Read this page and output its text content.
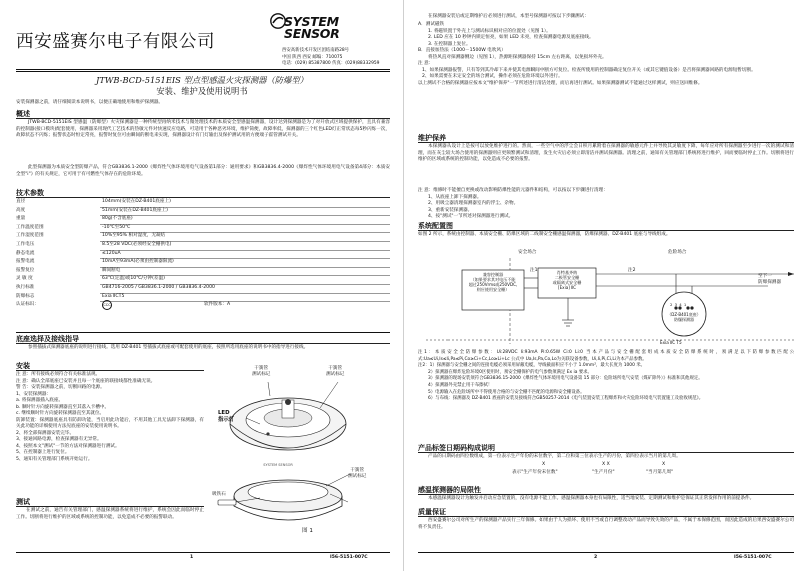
西安盛赛尔电子有限公司
SYSTEM
SENSOR
西安高新技术开发区团结南路28号
中国 陕西 西安 邮编：710075
电话：(029) 85387800 传真：(029)88332959
JTWB-BCD-5151EIS 型点型感温火灾探测器（防爆型）
安装、维护及使用说明书
安装探测器之前，请仔细阅读本说明书，以便正确地使用和维护探测器。
概述
JTWB-BCD-5151EIS 型感温（防爆型）火灾探测器是一种传统型再纳米技术与微处理技术的本质安全型感温探测器，设计达到探测器是为了对开放式区域提供保护，且具有兼容的控制器(接口模块)配套使用，探测器采用现代工艺技术的热敏元件对快速反应电路，可适用于各种恶劣环境，维护简便，故障率低，探测器的三个红色LED灯正常状态每5秒闪烁一次，故障状态不闪烁；报警状态时恒定常亮，报警时复位可由瞬间的断电来实现，探测器设计有门灯输出及保护测试用的方便端子霍管测试开关。
此型探测器为本质安全型防爆产品，符合GB3836.1-2000《爆炸性气体环境用电气设备第1部分：通用要求》和GB3836.4-2000《爆炸性气体环境用电气设备第4部分：本质安全型"i"》的有关规定，它可用于有可燃性气体存在的危险环境。
技术参数
直径	104mm(安装在DZ-B401底座上)
高度	51mm(安装在DZ-B401底座上)
重量	80g(不含底座)
工作温度范围	-10℃至50℃
工作湿度范围	10%至95% 相对湿度，无凝结
工作电压	8.5至28 VDC(必须经安全栅供电)
静态电流	≤120uA
报警电流	10mA至93mA(必须由控制器限流)
报警复位	瞬间断电
灵 敏 度	63℃(定温)或10℃/分钟(差温)
执行标准	GB4716-2005 / GB3836.1-2000 / GB3836.4-2000
防爆标志	Exia ⅡCT5
认证标识：	CCC	软件版本：A
底座选择及接线指导
参照插拔式探测器底座的说明进行接线。选用 DZ-B401 型插拔式底座或可配套使用的底座，按照所选用底座的说明书中的指导进行接线。
安装
注 意：所有接线必须符合有关标准法规。
注 意：确认全部底座已安装并且每一个底座的联接线都性准确无误。
警 告：安装探测器之前，切断回路的电源。
1、安装探测器：
a. 将探测器插入底座。
b. 顺时针方向旋转探测器直至其落入卡槽中。
c. 继续顺时针方向旋转探测器直至其就位。
防卸装置：探测器底座具有防卸功能，当启用此功能后，不用其他工具无法卸下探测器，有关此功能的详细使用方法见底座的安装使用说明书。
2、将全部探测器安装完毕。
3、接通回路电源，检查探测器有无异常。
4、按照本文"测试"一节的方法对探测器进行测试。
5、在控制器上进行复位。
5、通知有关管理部门系统开始运行。
测试
在测试之前，通告有关管理部门，感温探测器系统将进行维护，系统会因此而临时停止工作。切断将进行维护的区域或系统的控制功能，以免造成不必要的报警联动。
SYSTEM SENSOR
干簧管
测试标记
干簧管
测试标记
LED
指示灯
吸铁石
干簧管
测试标记
图 1
1	I56-5151-007C
在探测器安装后或定期维护后必须进行测试，本型号探测器可按以下步骤测试：
A．测试磁铁
1. 将磁铁置于外壳上与测试标识相对应的位置处（见图 1）。
2. LED 应在 10 秒钟内锁定恒亮，如果 LED 未亮，检查探测器电源及底座接线。
3. 在控制器上复位。
B．直接加热法（1000－1500W 电吹风）
将热风直对探测器侧边（见图 1），热源距探测器保持 15cm 左右距离，以免损坏外壳。
注 意：
1、如果探测器报警，只有等到其冷却下来并使其电源瞬间中断方可复位。检查所使用的控制器确定复位开关（或其它键值设备）是否将探测器回路的电源短暂切断。
2、如果需要在未定安全的场合测试，操作必须在危险环境以外进行。
以上测试不合格的探测器应按本文"维护保养"一节所述进行清洁处理，而后再进行测试。如果探测器测试不能通过这样测试，则应送回维修。
维护保养
本探测器从设计上是按可以放免维护进行的。然而，一些空气中的浮尘会日积月累附着在探测器的敏感元件上并导致其灵敏度下降，每年应对所有探测器至少进行一次的测试和清理，而在灰尘较大场合使用的探测器则应更频繁测试和清理，发生火灾后必须立即清洁并测试探测器。清理之前，通知有关管理部门系统将进行维护，回而要临时停止工作。切断将进行维护的区域或系统的控制功能，以免造成不必要的报警。
注 意：维修时不能擅自更换或改动影响防爆性能的元器件和结构，可以按以下步骤进行清理：
1、从底座上卸下探测器。
2、用吸尘器清理探测器室内的浮尘、杂物。
3、重新安装探测器。
4、按"测试"一节所述对探测器进行测试。
系统配置图
如图 2 所示，系统由控制器、本质安全栅、防爆区域的二线制安全栅感温探测器，防爆探测器、DZ-B401 底座与导线组成。
安全场合	危险场合
兼容控制器
（如果要求其对电压不能
超过250Vrms或250VDC,
则应使用安全栅）
肖特基齐纳
二极管安全栅
或隔离式安全栅
[Exia] ⅡC
注1	注2
至下一
防爆探测器
2 3 4 1
（DZ-B401底座）
防爆探测器
Exia ⅡC T5
注1：本质安全全防爆参数：Ui:28VDC Ii:93mA Pi:0.65W Ci:0 Li:0 当本产品与安全栅配套组成本质安全防爆系统时，须满足以下防爆参数匹配公式:Ua≤Ui,Is≤Ii,Pa≤Pi,Co≥Ci+Cc,Lo≥Li+Lc 公式中 Ua,Is,Pa,Co,Lo为关联设备参数，Ui,Ii,Pi,Ci,Li为本产品参数。
注2：1）探测器与安全栅之间的连接电缆必须采用屏蔽电缆，导线截面积应不小于 1.0mm²，最大长度为 1000 米。
2）探测器在爆炸危险环境0区使用时，须安全栅保护的电气参数须满足 Ex ia 要求。
3）探测器的现场安装须符合GB3836.15-2000《爆炸性气体环境用电气设备第 15 部分：危险场所电气安装（煤矿除外）》标准和其他规定。
4）探测器外壳禁止用干布擦拭！
5）电源输入在危险场所中不得使用合格的与安全栅不匹配的电源和安全栅设备。
6）与布线：探测器及 DZ-B401 底座的安装及接线符合GB50257-2014《电气装置安装工程爆炸和火灾危险环境电气装置施工及验收规范》。
产品标签日期码构成说明
产品的日期码由四位数组成，第一位表示生产年份的末位数字，第二位和第三位表示生产的月份，第四位表示当月的第几周。
X	X X	X
表示"生产年份末位数"	"生产月份"	"当月第几周"
感温探测器的局限性
本感温探测器设计为触发并启动应急装置的，没有电源不能工作。感温探测器本身也有局限性，适当地安装、定期测试和维护是保证其正常发挥作用的前提条件。
质量保证
西安盛赛尔公司对所生产的探测器产品实行三年保修。如果由于人为损坏、使用不当或自行调整改动产品而导致失效的产品，不属于本保修范围，而因此造成的后果西安盛赛尔公司将不负责任。
2	I56-5151-007C
